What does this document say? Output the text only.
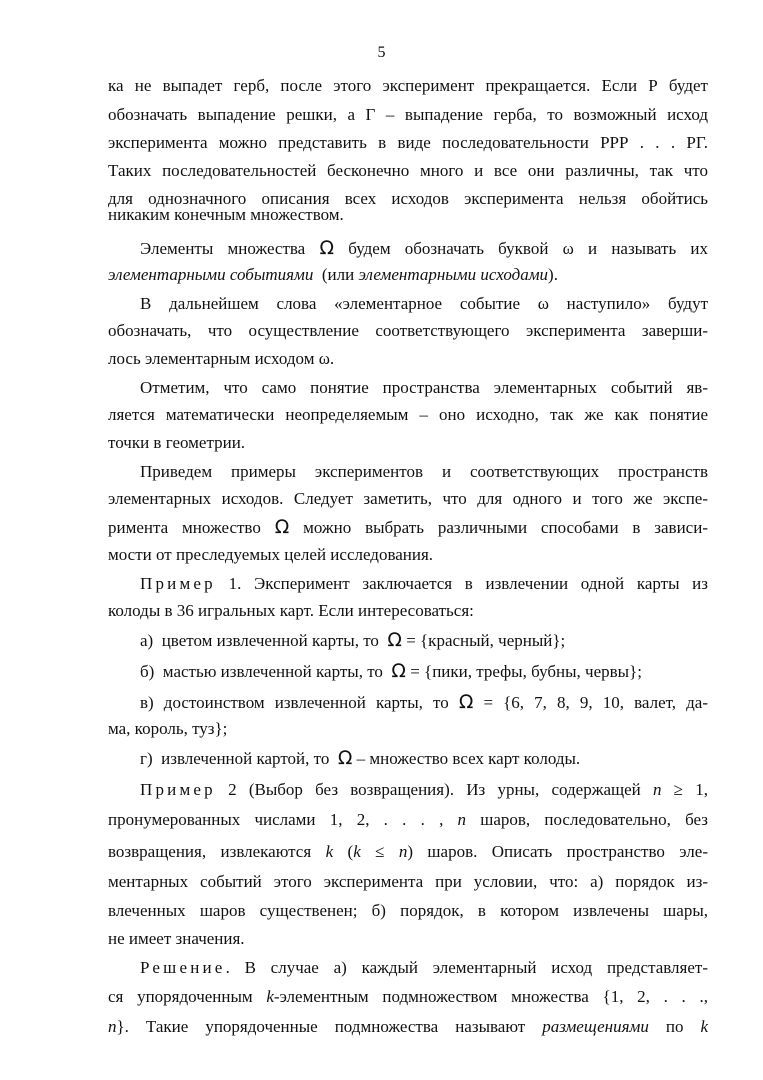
5
ка не выпадет герб, после этого эксперимент прекращается. Если Р будет
обозначать выпадение решки, а Г – выпадение герба, то возможный исход
эксперимента можно представить в виде последовательности РРР . . . РГ.
Таких последовательностей бесконечно много и все они различны, так что
для однозначного описания всех исходов эксперимента нельзя обойтись
никаким конечным множеством.
Элементы множества Ω будем обозначать буквой ω и называть их
элементарными событиями  (или элементарными исходами).
В дальнейшем слова «элементарное событие ω наступило» будут
обозначать, что осуществление соответствующего эксперимента заверши-
лось элементарным исходом ω.
Отметим, что само понятие пространства элементарных событий яв-
ляется математически неопределяемым – оно исходно, так же как понятие
точки в геометрии.
Приведем примеры экспериментов и соответствующих пространств
элементарных исходов. Следует заметить, что для одного и того же экспе-
римента множество Ω можно выбрать различными способами в зависи-
мости от преследуемых целей исследования.
Пример 1. Эксперимент заключается в извлечении одной карты из
колоды в 36 игральных карт. Если интересоваться:
а)  цветом извлеченной карты, то  Ω = {красный, черный};
б)  мастью извлеченной карты, то  Ω = {пики, трефы, бубны, червы};
в) достоинством извлеченной карты, то Ω = {6, 7, 8, 9, 10, валет, да-
ма, король, туз};
г)  извлеченной картой, то  Ω – множество всех карт колоды.
Пример 2 (Выбор без возвращения). Из урны, содержащей n ≥ 1,
пронумерованных числами 1, 2, . . . , n шаров, последовательно, без
возвращения, извлекаются k (k ≤ n) шаров. Описать пространство эле-
ментарных событий этого эксперимента при условии, что: а) порядок из-
влеченных шаров существенен; б) порядок, в котором извлечены шары,
не имеет значения.
Решение. В случае а) каждый элементарный исход представляет-
ся упорядоченным k-элементным подмножеством множества {1, 2, . . .,
n}. Такие упорядоченные подмножества называют размещениями по k
